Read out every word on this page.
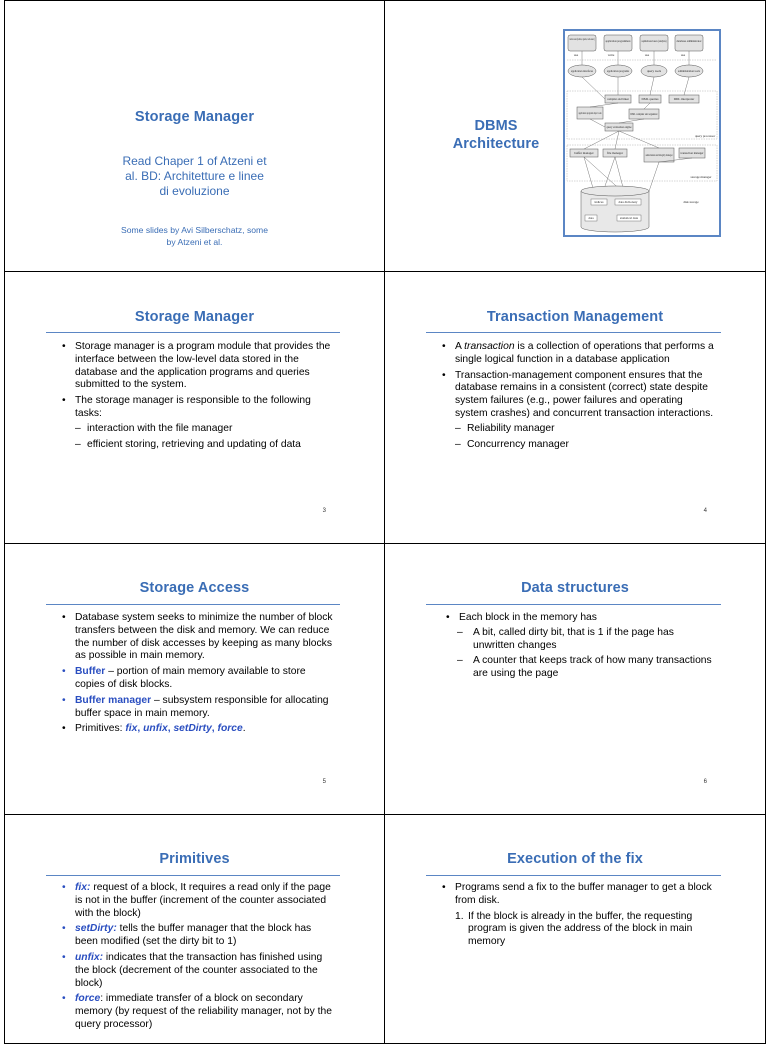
Storage Manager
Read Chaper 1 of Atzeni et
al. BD: Architetture e linee
di evoluzione
Some slides by Avi Silberschatz, some
by Atzeni et al.
DBMS
Architecture
naive users (tellers, agents, web-users)
application programmers	sophisticated users (analysts)	database administrator
use	write	use	use
application interfaces	application programs	query tools	administration tools
compiler and linker	DML queries	DDL interpreter
application program object code	DML compiler and organizer
query evaluation engine
query processor
buffer manager	file manager	authorization and integrity manager transaction manager
storage manager
indices	data dictionary
data	statistical data
disk storage
Storage Manager
• Storage manager is a program module that provides the interface between the low-level data stored in the database and the application programs and queries submitted to the system.
• The storage manager is responsible to the following tasks:
– interaction with the file manager
– efficient storing, retrieving and updating of data
3
Transaction Management
• A transaction is a collection of operations that performs a single logical function in a database application
• Transaction-management component ensures that the database remains in a consistent (correct) state despite system failures (e.g., power failures and operating system crashes) and concurrent transaction interactions.
– Reliability manager
– Concurrency manager
4
Storage Access
• Database system seeks to minimize the number of block transfers between the disk and memory. We can reduce the number of disk accesses by keeping as many blocks as possible in main memory.
• Buffer – portion of main memory available to store copies of disk blocks.
• Buffer manager – subsystem responsible for allocating buffer space in main memory.
• Primitives: fix, unfix, setDirty, force.
5
Data structures
• Each block in the memory has
– A bit, called dirty bit, that is 1 if the page has unwritten changes
– A counter that keeps track of how many transactions are using the page
6
Primitives
• fix: request of a block, It requires a read only if the page is not in the buffer (increment of the counter associated with the block)
• setDirty: tells the buffer manager that the block has been modified (set the dirty bit to 1)
• unfix: indicates that the transaction has finished using the block (decrement of the counter associated to the block)
• force: immediate transfer of a block on secondary memory (by request of the reliability manager, not by the query processor)
Execution of the fix
• Programs send a fix to the buffer manager to get a block from disk.
1. If the block is already in the buffer, the requesting program is given the address of the block in main memory
